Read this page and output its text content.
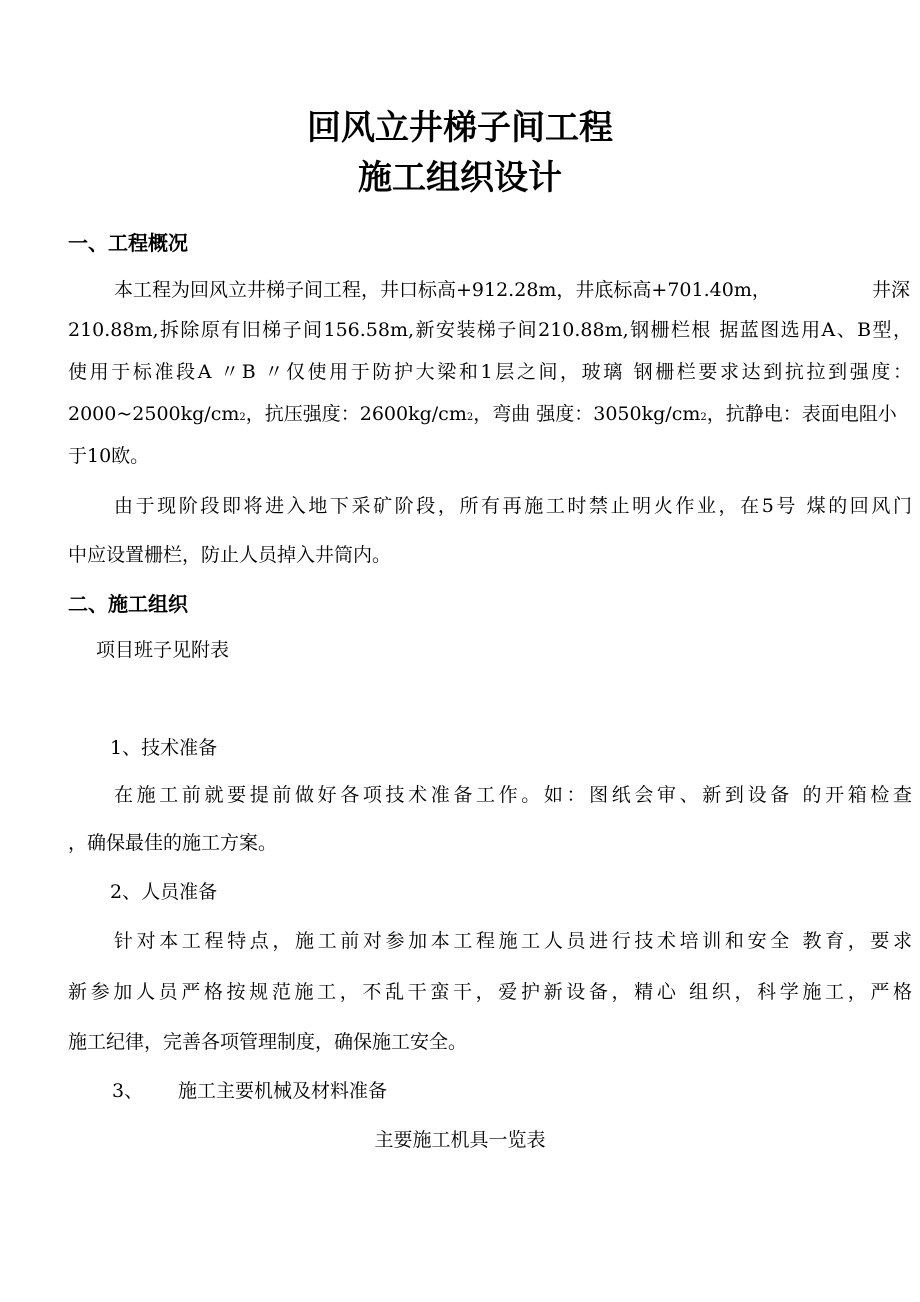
回风立井梯子间工程
施工组织设计
一、工程概况
本工程为回风立井梯子间工程，井口标高+912.28m，井底标高+701.40m，	井深
210.88m,拆除原有旧梯子间156.58m,新安装梯子间210.88m,钢栅栏根 据蓝图选用A、B型，
使用于标准段A 〃B 〃仅使用于防护大梁和1层之间，玻璃 钢栅栏要求达到抗拉到强度：
2000~2500kg/cm2，抗压强度：2600kg/cm2，弯曲 强度：3050kg/cm2，抗静电：表面电阻小
于10欧。
由于现阶段即将进入地下采矿阶段，所有再施工时禁止明火作业，在5号 煤的回风门
中应设置栅栏，防止人员掉入井筒内。
二、施工组织
项目班子见附表
1、技术准备
在施工前就要提前做好各项技术准备工作。如：图纸会审、新到设备 的开箱检查
，确保最佳的施工方案。
2、人员准备
针对本工程特点，施工前对参加本工程施工人员进行技术培训和安全 教育，要求
新参加人员严格按规范施工，不乱干蛮干，爱护新设备，精心 组织，科学施工，严格
施工纪律，完善各项管理制度，确保施工安全。
3、 施工主要机械及材料准备
主要施工机具一览表
